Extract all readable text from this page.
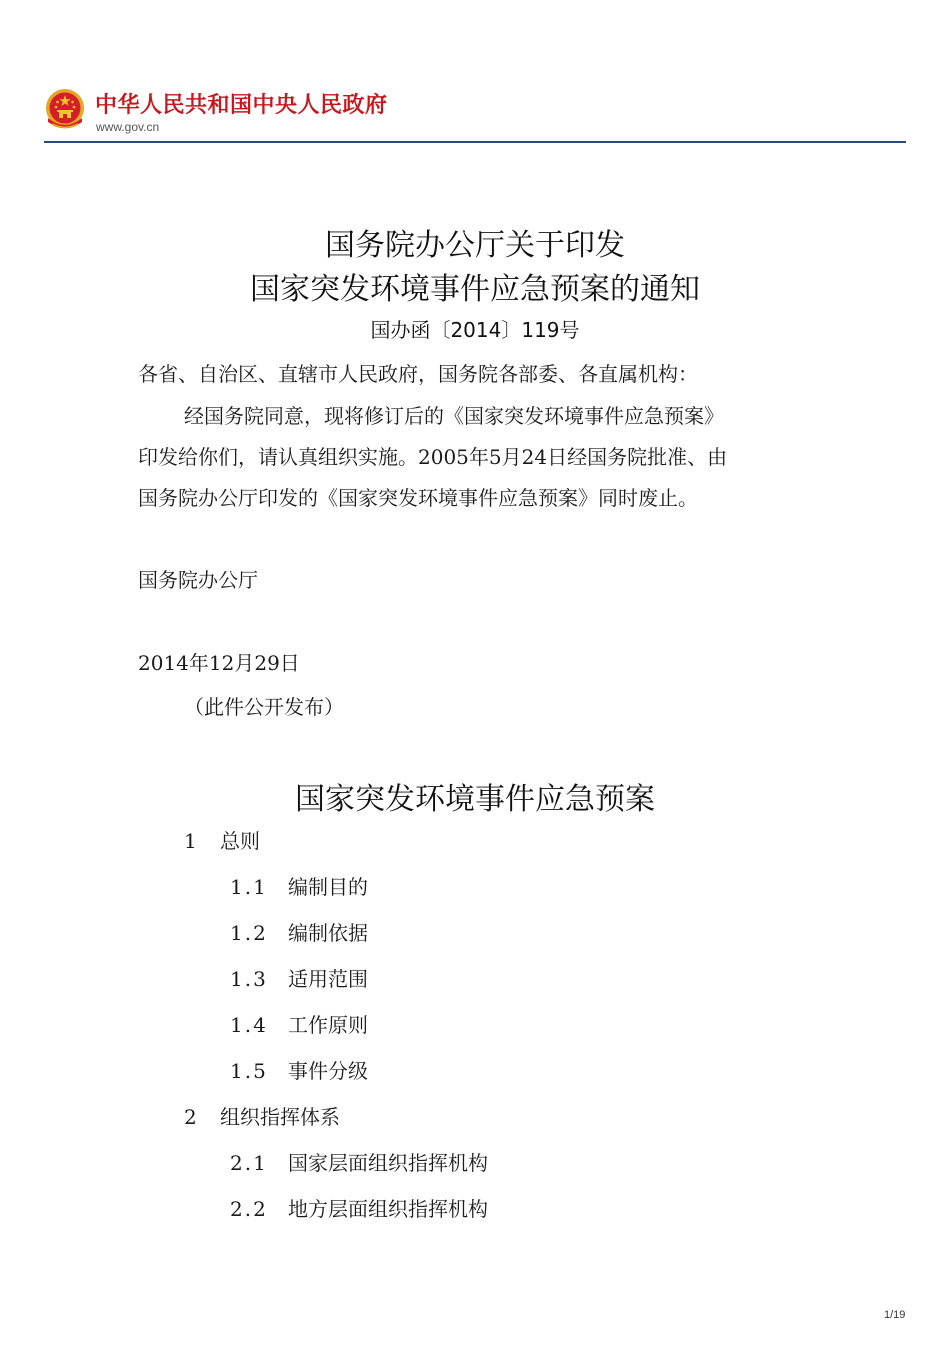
中华人民共和国中央人民政府
www.gov.cn
国务院办公厅关于印发
国家突发环境事件应急预案的通知
国办函〔2014〕119号
各省、自治区、直辖市人民政府，国务院各部委、各直属机构：
经国务院同意，现将修订后的《国家突发环境事件应急预案》
印发给你们，请认真组织实施。2005年5月24日经国务院批准、由
国务院办公厅印发的《国家突发环境事件应急预案》同时废止。
国务院办公厅
2014年12月29日
（此件公开发布）
国家突发环境事件应急预案
1 总则
1.1 编制目的
1.2 编制依据
1.3 适用范围
1.4 工作原则
1.5 事件分级
2 组织指挥体系
2.1 国家层面组织指挥机构
2.2 地方层面组织指挥机构
1/19
